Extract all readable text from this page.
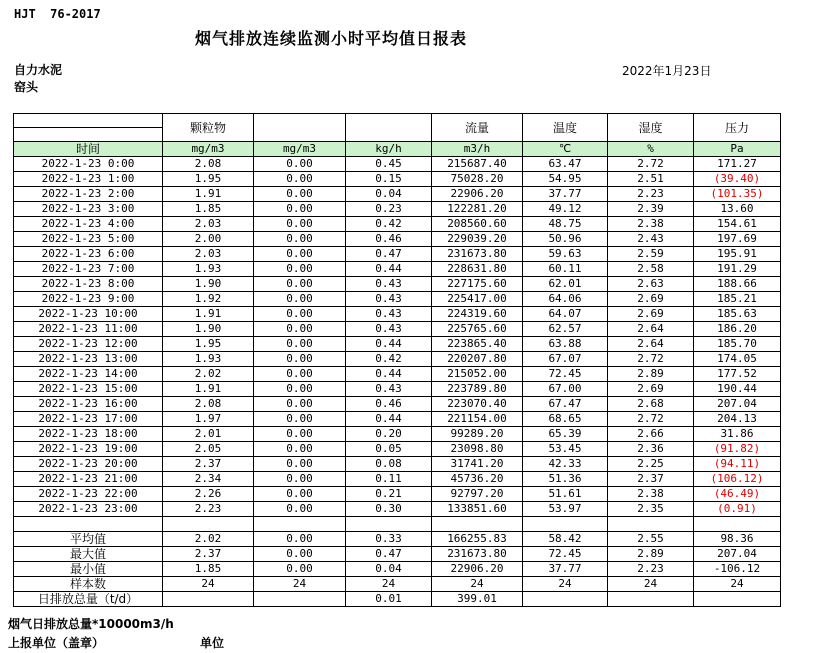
HJT  76-2017
烟气排放连续监测小时平均值日报表
自力水泥
窑头
2022年1月23日
	颗粒物			流量	温度	湿度	压力
时间	mg/m3	mg/m3	kg/h	m3/h	℃	%	Pa
2022-1-23 0:00	2.08	0.00	0.45	215687.40	63.47	2.72	171.27
2022-1-23 1:00	1.95	0.00	0.15	75028.20	54.95	2.51	(39.40)
2022-1-23 2:00	1.91	0.00	0.04	22906.20	37.77	2.23	(101.35)
2022-1-23 3:00	1.85	0.00	0.23	122281.20	49.12	2.39	13.60
2022-1-23 4:00	2.03	0.00	0.42	208560.60	48.75	2.38	154.61
2022-1-23 5:00	2.00	0.00	0.46	229039.20	50.96	2.43	197.69
2022-1-23 6:00	2.03	0.00	0.47	231673.80	59.63	2.59	195.91
2022-1-23 7:00	1.93	0.00	0.44	228631.80	60.11	2.58	191.29
2022-1-23 8:00	1.90	0.00	0.43	227175.60	62.01	2.63	188.66
2022-1-23 9:00	1.92	0.00	0.43	225417.00	64.06	2.69	185.21
2022-1-23 10:00	1.91	0.00	0.43	224319.60	64.07	2.69	185.63
2022-1-23 11:00	1.90	0.00	0.43	225765.60	62.57	2.64	186.20
2022-1-23 12:00	1.95	0.00	0.44	223865.40	63.88	2.64	185.70
2022-1-23 13:00	1.93	0.00	0.42	220207.80	67.07	2.72	174.05
2022-1-23 14:00	2.02	0.00	0.44	215052.00	72.45	2.89	177.52
2022-1-23 15:00	1.91	0.00	0.43	223789.80	67.00	2.69	190.44
2022-1-23 16:00	2.08	0.00	0.46	223070.40	67.47	2.68	207.04
2022-1-23 17:00	1.97	0.00	0.44	221154.00	68.65	2.72	204.13
2022-1-23 18:00	2.01	0.00	0.20	99289.20	65.39	2.66	31.86
2022-1-23 19:00	2.05	0.00	0.05	23098.80	53.45	2.36	(91.82)
2022-1-23 20:00	2.37	0.00	0.08	31741.20	42.33	2.25	(94.11)
2022-1-23 21:00	2.34	0.00	0.11	45736.20	51.36	2.37	(106.12)
2022-1-23 22:00	2.26	0.00	0.21	92797.20	51.61	2.38	(46.49)
2022-1-23 23:00	2.23	0.00	0.30	133851.60	53.97	2.35	(0.91)

平均值	2.02	0.00	0.33	166255.83	58.42	2.55	98.36
最大值	2.37	0.00	0.47	231673.80	72.45	2.89	207.04
最小值	1.85	0.00	0.04	22906.20	37.77	2.23	-106.12
样本数	24	24	24	24	24	24	24
日排放总量（t/d）			0.01	399.01			
烟气日排放总量*10000m3/h
上报单位（盖章）	单位
